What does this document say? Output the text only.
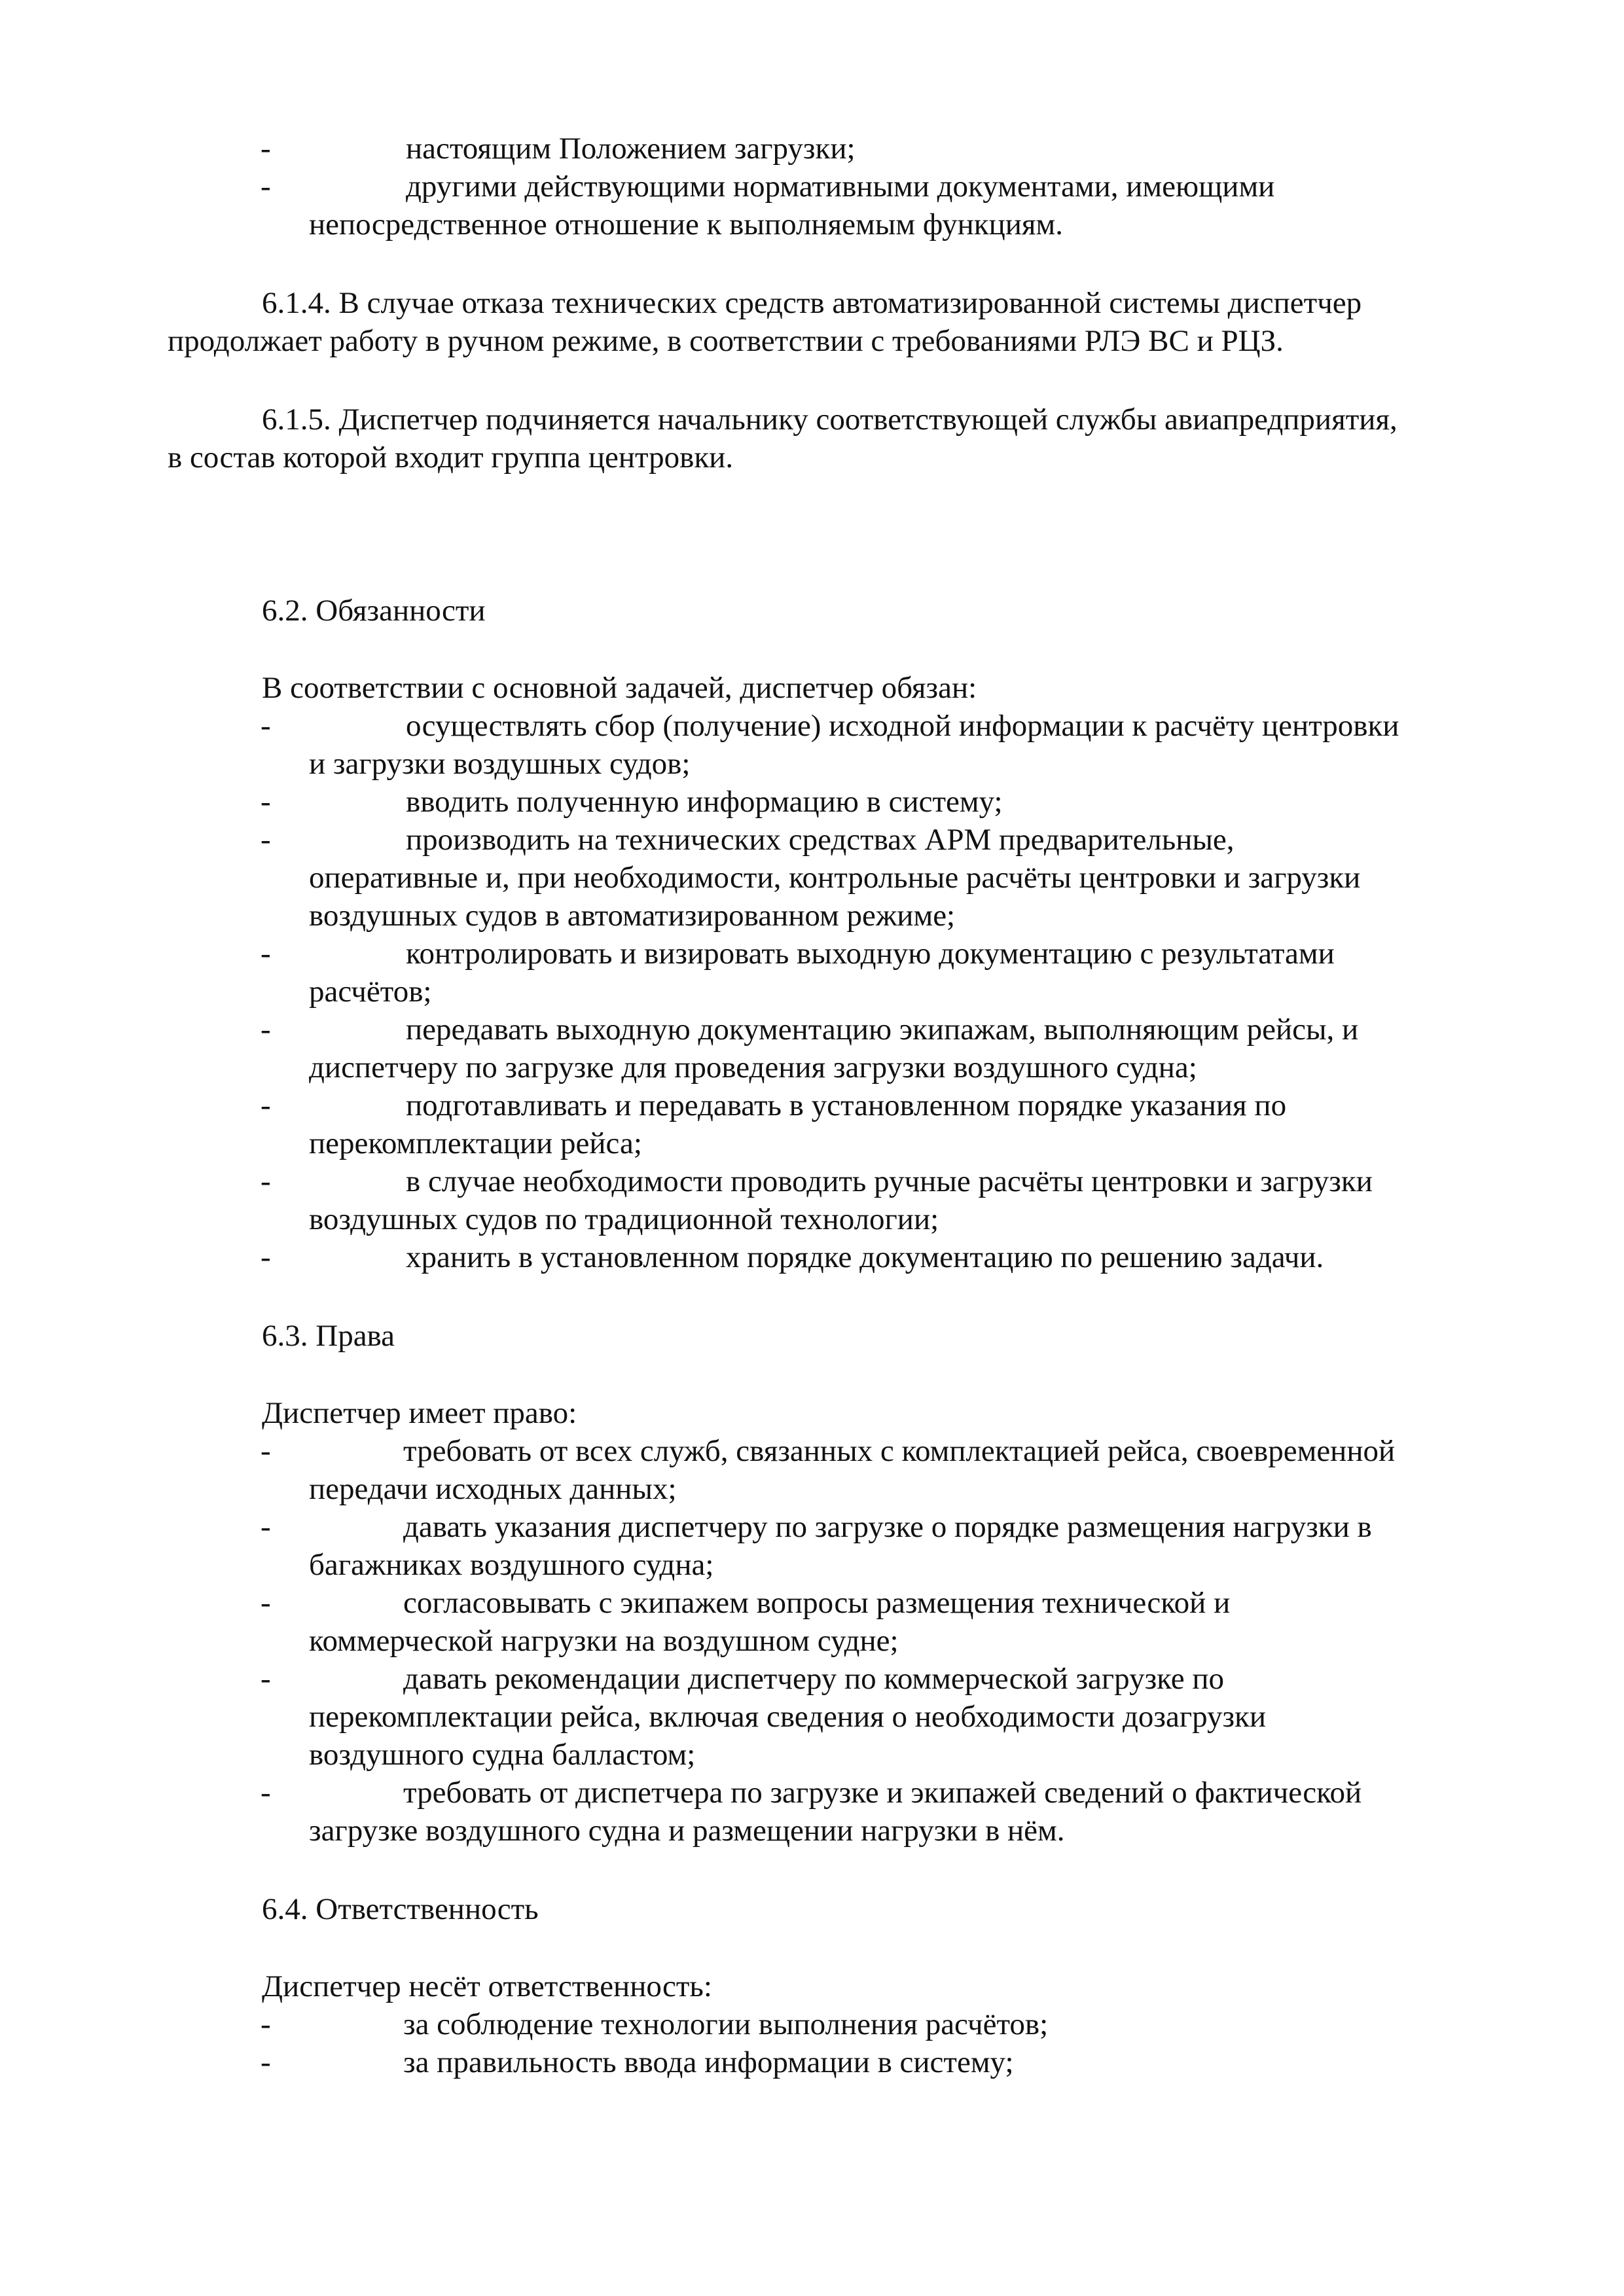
-	настоящим Положением загрузки;
-	другими действующими нормативными документами, имеющими
непосредственное отношение к выполняемым функциям.
6.1.4. В случае отказа технических средств автоматизированной системы диспетчер
продолжает работу в ручном режиме, в соответствии с требованиями РЛЭ ВС и РЦЗ.
6.1.5. Диспетчер подчиняется начальнику соответствующей службы авиапредприятия,
в состав которой входит группа центровки.
6.2. Обязанности
В соответствии с основной задачей, диспетчер обязан:
-	осуществлять сбор (получение) исходной информации к расчёту центровки
и загрузки воздушных судов;
-	вводить полученную информацию в систему;
-	производить на технических средствах АРМ предварительные,
оперативные и, при необходимости, контрольные расчёты центровки и загрузки
воздушных судов в автоматизированном режиме;
-	контролировать и визировать выходную документацию с результатами
расчётов;
-	передавать выходную документацию экипажам, выполняющим рейсы, и
диспетчеру по загрузке для проведения загрузки воздушного судна;
-	подготавливать и передавать в установленном порядке указания по
перекомплектации рейса;
-	в случае необходимости проводить ручные расчёты центровки и загрузки
воздушных судов по традиционной технологии;
-	хранить в установленном порядке документацию по решению задачи.
6.3. Права
Диспетчер имеет право:
-	требовать от всех служб, связанных с комплектацией рейса, своевременной
передачи исходных данных;
-	давать указания диспетчеру по загрузке о порядке размещения нагрузки в
багажниках воздушного судна;
-	согласовывать с экипажем вопросы размещения технической и
коммерческой нагрузки на воздушном судне;
-	давать рекомендации диспетчеру по коммерческой загрузке по
перекомплектации рейса, включая сведения о необходимости дозагрузки
воздушного судна балластом;
-	требовать от диспетчера по загрузке и экипажей сведений о фактической
загрузке воздушного судна и размещении нагрузки в нём.
6.4. Ответственность
Диспетчер несёт ответственность:
-	за соблюдение технологии выполнения расчётов;
-	за правильность ввода информации в систему;
